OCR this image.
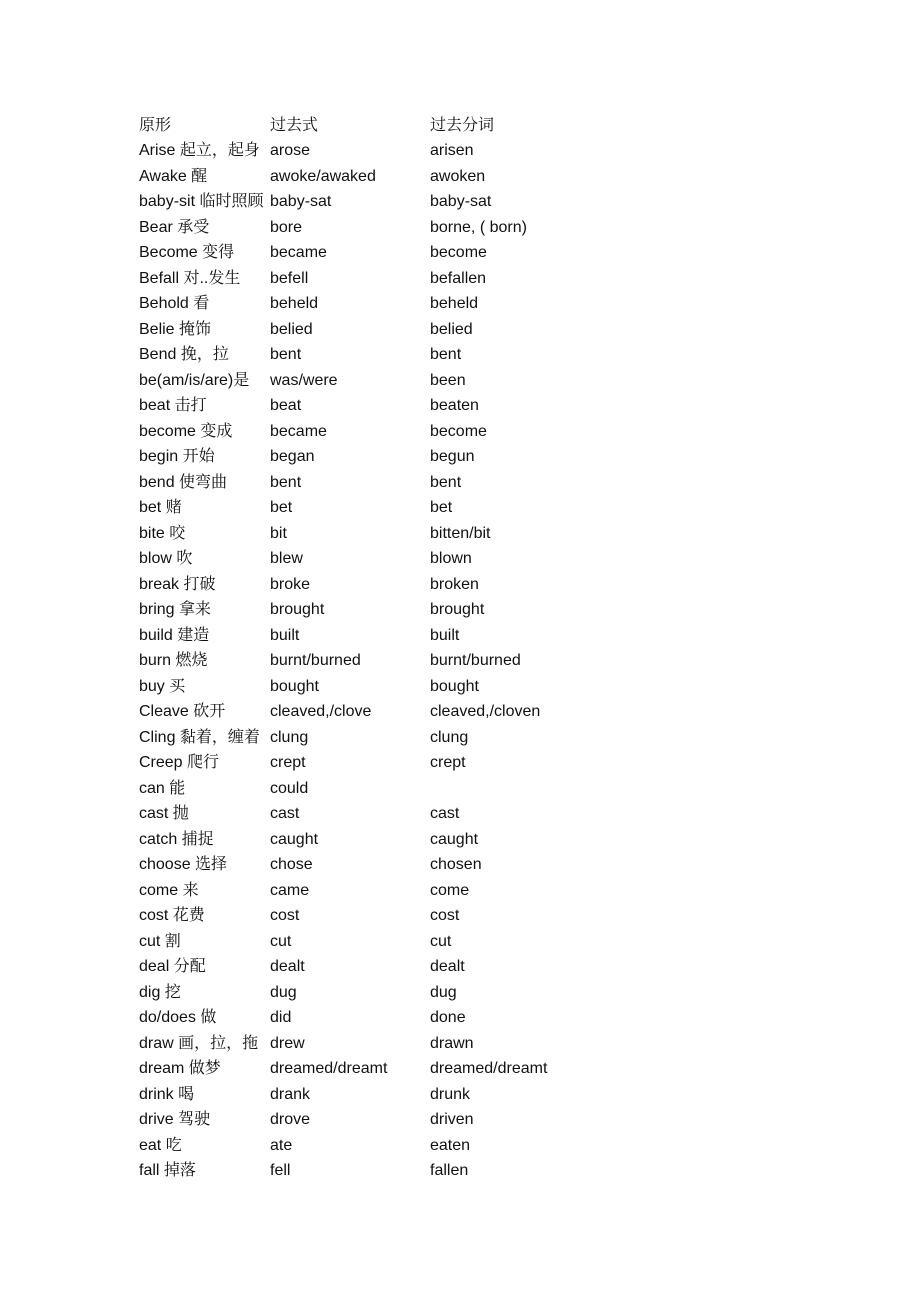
原形	过去式	过去分词
Arise 起立，起身	arose	arisen
Awake 醒	awoke/awaked	awoken
baby-sit 临时照顾	baby-sat	baby-sat
Bear 承受	bore	borne, ( born)
Become 变得	became	become
Befall 对..发生	befell	befallen
Behold 看	beheld	beheld
Belie 掩饰	belied	belied
Bend 挽，拉	bent	bent
be(am/is/are)是	was/were	been
beat 击打	beat	beaten
become 变成	became	become
begin 开始	began	begun
bend 使弯曲	bent	bent
bet 赌	bet	bet
bite 咬	bit	bitten/bit
blow 吹	blew	blown
break 打破	broke	broken
bring 拿来	brought	brought
build 建造	built	built
burn 燃烧	burnt/burned	burnt/burned
buy 买	bought	bought
Cleave 砍开	cleaved,/clove	cleaved,/cloven
Cling 黏着，缠着	clung	clung
Creep 爬行	crept	crept
can 能	could	
cast 抛	cast	cast
catch 捕捉	caught	caught
choose 选择	chose	chosen
come 来	came	come
cost 花费	cost	cost
cut 割	cut	cut
deal 分配	dealt	dealt
dig 挖	dug	dug
do/does 做	did	done
draw 画，拉，拖	drew	drawn
dream 做梦	dreamed/dreamt	dreamed/dreamt
drink 喝	drank	drunk
drive 驾驶	drove	driven
eat 吃	ate	eaten
fall 掉落	fell	fallen
